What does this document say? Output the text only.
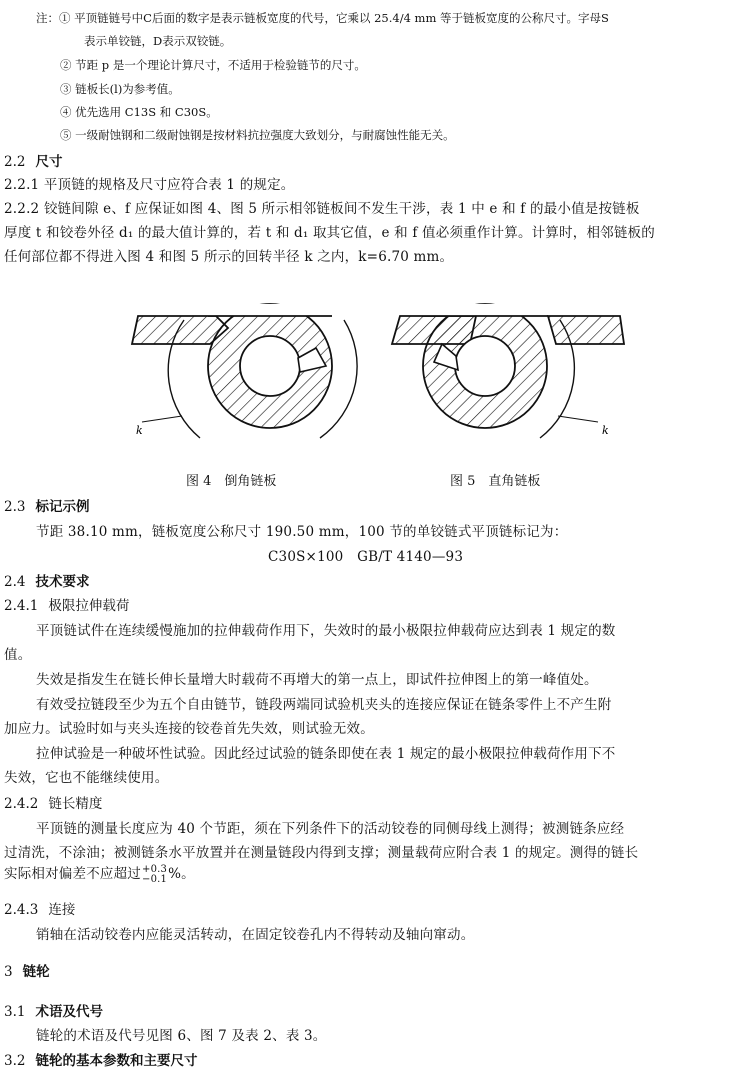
注：① 平顶链链号中C后面的数字是表示链板宽度的代号，它乘以 25.4/4 mm 等于链板宽度的公称尺寸。字母S
表示单铰链，D表示双铰链。
② 节距 p 是一个理论计算尺寸，不适用于检验链节的尺寸。
③ 链板长(l)为参考值。
④ 优先选用 C13S 和 C30S。
⑤ 一级耐蚀钢和二级耐蚀钢是按材料抗拉强度大致划分，与耐腐蚀性能无关。
2.2 尺寸
2.2.1 平顶链的规格及尺寸应符合表 1 的规定。
2.2.2 铰链间隙 e、f 应保证如图 4、图 5 所示相邻链板间不发生干涉，表 1 中 e 和 f 的最小值是按链板
厚度 t 和铰卷外径 d₁ 的最大值计算的，若 t 和 d₁ 取其它值，e 和 f 值必须重作计算。计算时，相邻链板的
任何部位都不得进入图 4 和图 5 所示的回转半径 k 之内，k=6.70 mm。
k	k
图 4　倒角链板	图 5　直角链板
2.3 标记示例
节距 38.10 mm，链板宽度公称尺寸 190.50 mm，100 节的单铰链式平顶链标记为：
C30S×100　GB/T 4140—93
2.4 技术要求
2.4.1 极限拉伸载荷
平顶链试件在连续缓慢施加的拉伸载荷作用下，失效时的最小极限拉伸载荷应达到表 1 规定的数
值。
失效是指发生在链长伸长量增大时载荷不再增大的第一点上，即试件拉伸图上的第一峰值处。
有效受拉链段至少为五个自由链节，链段两端同试验机夹头的连接应保证在链条零件上不产生附
加应力。试验时如与夹头连接的铰卷首先失效，则试验无效。
拉伸试验是一种破坏性试验。因此经过试验的链条即使在表 1 规定的最小极限拉伸载荷作用下不
失效，它也不能继续使用。
2.4.2 链长精度
平顶链的测量长度应为 40 个节距，须在下列条件下的活动铰卷的同侧母线上测得；被测链条应经
过清洗，不涂油；被测链条水平放置并在测量链段内得到支撑；测量载荷应附合表 1 的规定。测得的链长
实际相对偏差不应超过 +0.3
−0.1 %。
2.4.3 连接
销轴在活动铰卷内应能灵活转动，在固定铰卷孔内不得转动及轴向窜动。
3 链轮
3.1 术语及代号
链轮的术语及代号见图 6、图 7 及表 2、表 3。
3.2 链轮的基本参数和主要尺寸
